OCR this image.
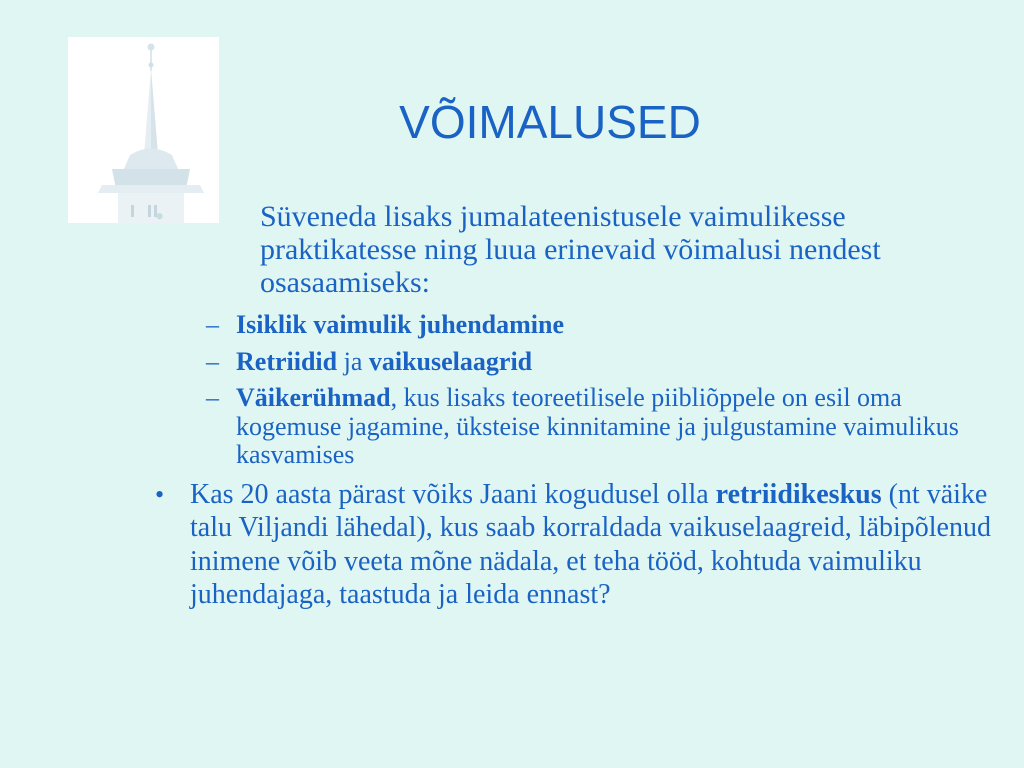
VÕIMALUSED
•	Süveneda lisaks jumalateenistusele vaimulikesse praktikatesse ning luua erinevaid võimalusi nendest osasaamiseks:
– Isiklik vaimulik juhendamine
– Retriidid ja vaikuselaagrid
– Väikerühmad, kus lisaks teoreetilisele piibliõppele on esil oma kogemuse jagamine, üksteise kinnitamine ja julgustamine vaimulikus kasvamises
• Kas 20 aasta pärast võiks Jaani kogudusel olla retriidikeskus (nt väike talu Viljandi lähedal), kus saab korraldada vaikuselaagreid, läbipõlenud inimene võib veeta mõne nädala, et teha tööd, kohtuda vaimuliku juhendajaga, taastuda ja leida ennast?
